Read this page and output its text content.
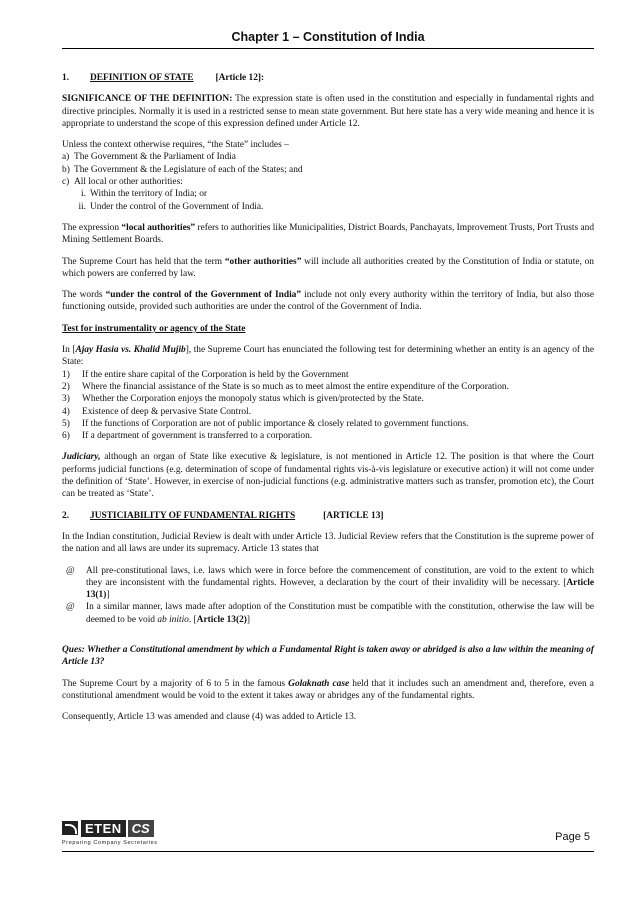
Chapter 1 – Constitution of India
1. DEFINITION OF STATE [Article 12]:

SIGNIFICANCE OF THE DEFINITION: The expression state is often used in the constitution and especially in fundamental rights and directive principles. Normally it is used in a restricted sense to mean state government. But here state has a very wide meaning and hence it is appropriate to understand the scope of this expression defined under Article 12.

Unless the context otherwise requires, “the State” includes –
a) The Government & the Parliament of India
b) The Government & the Legislature of each of the States; and
c) All local or other authorities:
i. Within the territory of India; or
ii. Under the control of the Government of India.

The expression “local authorities” refers to authorities like Municipalities, District Boards, Panchayats, Improvement Trusts, Port Trusts and Mining Settlement Boards.

The Supreme Court has held that the term “other authorities” will include all authorities created by the Constitution of India or statute, on which powers are conferred by law.

The words “under the control of the Government of India” include not only every authority within the territory of India, but also those functioning outside, provided such authorities are under the control of the Government of India.

Test for instrumentality or agency of the State

In [Ajay Hasia vs. Khalid Mujib], the Supreme Court has enunciated the following test for determining whether an entity is an agency of the State:
1) If the entire share capital of the Corporation is held by the Government
2) Where the financial assistance of the State is so much as to meet almost the entire expenditure of the Corporation.
3) Whether the Corporation enjoys the monopoly status which is given/protected by the State.
4) Existence of deep & pervasive State Control.
5) If the functions of Corporation are not of public importance & closely related to government functions.
6) If a department of government is transferred to a corporation.

Judiciary, although an organ of State like executive & legislature, is not mentioned in Article 12. The position is that where the Court performs judicial functions (e.g. determination of scope of fundamental rights vis-à-vis legislature or executive action) it will not come under the definition of ‘State’. However, in exercise of non-judicial functions (e.g. administrative matters such as transfer, promotion etc), the Court can be treated as ‘State’.

2. JUSTICIABILITY OF FUNDAMENTAL RIGHTS	[ARTICLE 13]

In the Indian constitution, Judicial Review is dealt with under Article 13. Judicial Review refers that the Constitution is the supreme power of the nation and all laws are under its supremacy. Article 13 states that

@ All pre-constitutional laws, i.e. laws which were in force before the commencement of constitution, are void to the extent to which they are inconsistent with the fundamental rights. However, a declaration by the court of their invalidity will be necessary. [Article 13(1)]
@ In a similar manner, laws made after adoption of the Constitution must be compatible with the constitution, otherwise the law will be deemed to be void ab initio. [Article 13(2)]

Ques: Whether a Constitutional amendment by which a Fundamental Right is taken away or abridged is also a law within the meaning of Article 13?

The Supreme Court by a majority of 6 to 5 in the famous Golaknath case held that it includes such an amendment and, therefore, even a constitutional amendment would be void to the extent it takes away or abridges any of the fundamental rights.

Consequently, Article 13 was amended and clause (4) was added to Article 13.

ETEN CS
Preparing Company Secretaries	Page 5
